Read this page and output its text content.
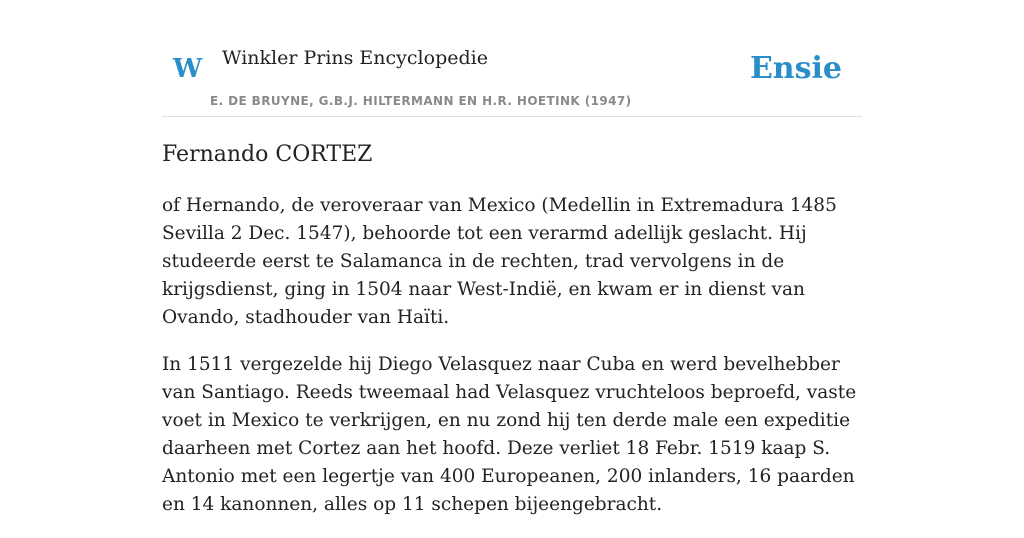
W Winkler Prins Encyclopedie
E. DE BRUYNE, G.B.J. HILTERMANN EN H.R. HOETINK (1947)
Ensie
Fernando CORTEZ

of Hernando, de veroveraar van Mexico (Medellin in Extremadura 1485 Sevilla 2 Dec. 1547), behoorde tot een verarmd adellijk geslacht. Hij studeerde eerst te Salamanca in de rechten, trad vervolgens in de krijgsdienst, ging in 1504 naar West-Indië, en kwam er in dienst van Ovando, stadhouder van Haïti.

In 1511 vergezelde hij Diego Velasquez naar Cuba en werd bevelhebber van Santiago. Reeds tweemaal had Velasquez vruchteloos beproefd, vaste voet in Mexico te verkrijgen, en nu zond hij ten derde male een expeditie daarheen met Cortez aan het hoofd. Deze verliet 18 Febr. 1519 kaap S. Antonio met een legertje van 400 Europeanen, 200 inlanders, 16 paarden en 14 kanonnen, alles op 11 schepen bijeengebracht.
